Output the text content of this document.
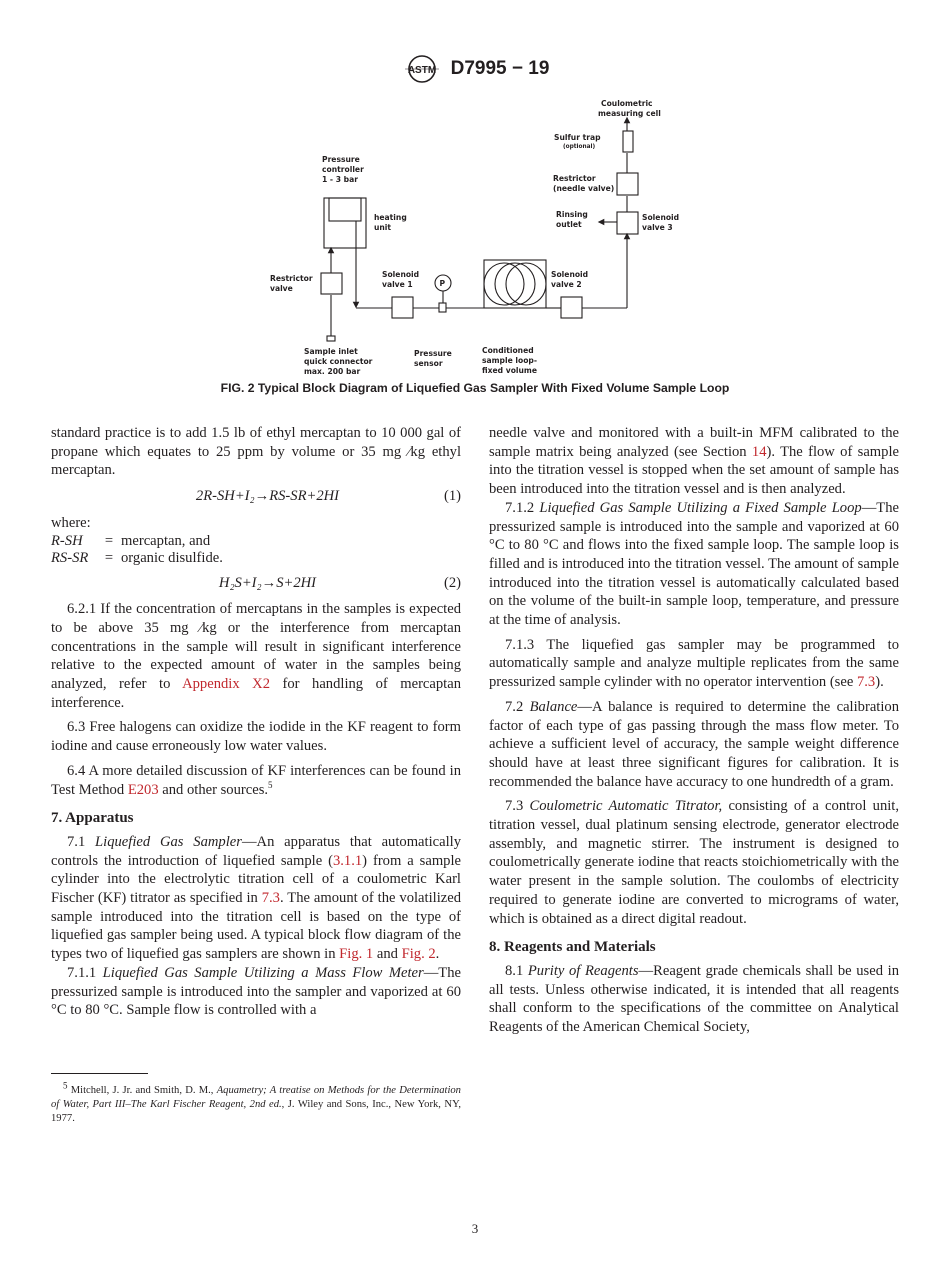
ASTM D7995 − 19
Pressure
controller
1 - 3 bar
heating
unit
Restrictor
valve
Sample inlet
quick connector
max. 200 bar
Solenoid
valve 1	P
Pressure
sensor
Conditioned
sample loop-
fixed volume
Solenoid
valve 2
Solenoid
valve 3
Rinsing
outlet
Restrictor
(needle valve)
Sulfur trap
(optional)
Coulometric
measuring cell
FIG. 2 Typical Block Diagram of Liquefied Gas Sampler With Fixed Volume Sample Loop

standard practice is to add 1.5 lb of ethyl mercaptan to 10 000 gal of propane which equates to 25 ppm by volume or 35 mg ⁄kg ethyl mercaptan.

2R-SH+I₂→RS-SR+2HI	(1)

where:

R-SH	=	mercaptan, and
RS-SR	=	organic disulfide.
H₂S+I₂→S+2HI	(2)

6.2.1 If the concentration of mercaptans in the samples is expected to be above 35 mg ⁄kg or the interference from mercaptan concentrations in the sample will result in significant interference relative to the expected amount of water in the samples being analyzed, refer to Appendix X2 for handling of mercaptan interference.

6.3 Free halogens can oxidize the iodide in the KF reagent to form iodine and cause erroneously low water values.

6.4 A more detailed discussion of KF interferences can be found in Test Method E203 and other sources.$^5$

7. Apparatus

7.1 Liquefied Gas Sampler—An apparatus that automatically controls the introduction of liquefied sample (3.1.1) from a sample cylinder into the electrolytic titration cell of a coulometric Karl Fischer (KF) titrator as specified in 7.3. The amount of the volatilized sample introduced into the titration cell is based on the type of liquefied gas sampler being used. A typical block flow diagram of the types two of liquefied gas samplers are shown in Fig. 1 and Fig. 2.

7.1.1 Liquefied Gas Sample Utilizing a Mass Flow Meter—The pressurized sample is introduced into the sampler and vaporized at 60 °C to 80 °C. Sample flow is controlled with a

$^5$ Mitchell, J. Jr. and Smith, D. M., Aquametry; A treatise on Methods for the Determination of Water, Part III–The Karl Fischer Reagent, 2nd ed., J. Wiley and Sons, Inc., New York, NY, 1977.

needle valve and monitored with a built-in MFM calibrated to the sample matrix being analyzed (see Section 14). The flow of sample into the titration vessel is stopped when the set amount of sample has been introduced into the titration vessel and is then analyzed.

7.1.2 Liquefied Gas Sample Utilizing a Fixed Sample Loop—The pressurized sample is introduced into the sample and vaporized at 60 °C to 80 °C and flows into the fixed sample loop. The sample loop is filled and is introduced into the titration vessel. The amount of sample introduced into the titration vessel is automatically calculated based on the volume of the built-in sample loop, temperature, and pressure at the time of analysis.

7.1.3 The liquefied gas sampler may be programmed to automatically sample and analyze multiple replicates from the same pressurized sample cylinder with no operator intervention (see 7.3).

7.2 Balance—A balance is required to determine the calibration factor of each type of gas passing through the mass flow meter. To achieve a sufficient level of accuracy, the sample weight difference should have at least three significant figures for calibration. It is recommended the balance have accuracy to one hundredth of a gram.

7.3 Coulometric Automatic Titrator, consisting of a control unit, titration vessel, dual platinum sensing electrode, generator electrode assembly, and magnetic stirrer. The instrument is designed to coulometrically generate iodine that reacts stoichiometrically with the water present in the sample solution. The coulombs of electricity required to generate iodine are converted to micrograms of water, which is obtained as a direct digital readout.

8. Reagents and Materials

8.1 Purity of Reagents—Reagent grade chemicals shall be used in all tests. Unless otherwise indicated, it is intended that all reagents shall conform to the specifications of the committee on Analytical Reagents of the American Chemical Society,

3
